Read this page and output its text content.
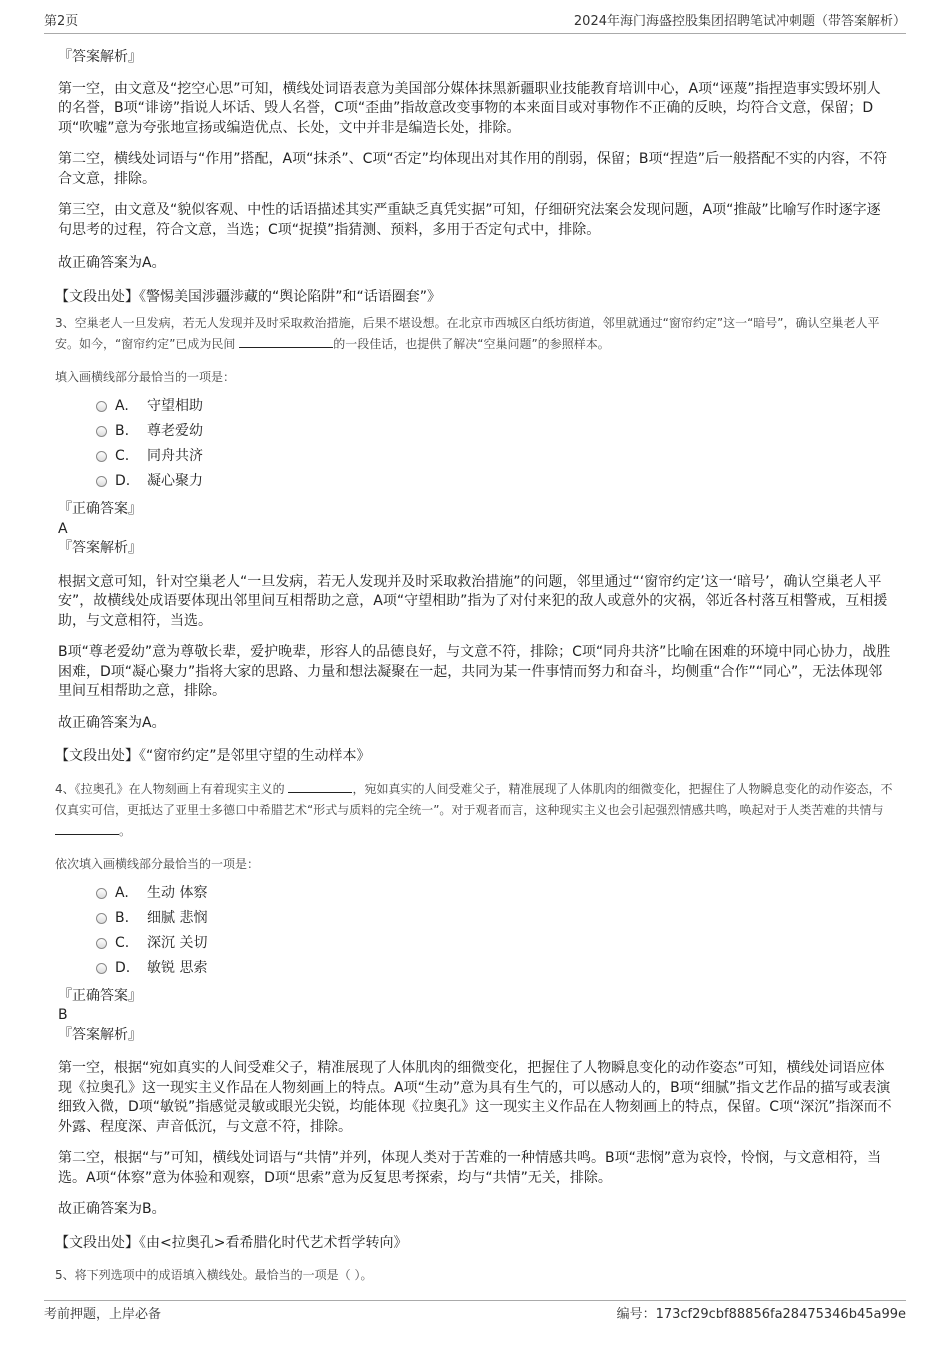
第2页	2024年海门海盛控股集团招聘笔试冲刺题（带答案解析）

『答案解析』

第一空，由文意及“挖空心思”可知，横线处词语表意为美国部分媒体抹黑新疆职业技能教育培训中心，A项“诬蔑”指捏造事实毁坏别人的名誉，B项“诽谤”指说人坏话、毁人名誉，C项“歪曲”指故意改变事物的本来面目或对事物作不正确的反映，均符合文意，保留；D项“吹嘘”意为夸张地宣扬或编造优点、长处，文中并非是编造长处，排除。

第二空，横线处词语与“作用”搭配，A项“抹杀”、C项“否定”均体现出对其作用的削弱，保留；B项“捏造”后一般搭配不实的内容，不符合文意，排除。

第三空，由文意及“貌似客观、中性的话语描述其实严重缺乏真凭实据”可知，仔细研究法案会发现问题，A项“推敲”比喻写作时逐字逐句思考的过程，符合文意，当选；C项“捉摸”指猜测、预料，多用于否定句式中，排除。

故正确答案为A。

【文段出处】《警惕美国涉疆涉藏的“舆论陷阱”和“话语圈套”》

3、空巢老人一旦发病，若无人发现并及时采取救治措施，后果不堪设想。在北京市西城区白纸坊街道，邻里就通过“窗帘约定”这一“暗号”，确认空巢老人平安。如今，“窗帘约定”已成为民间	的一段佳话，也提供了解决“空巢问题”的参照样本。

填入画横线部分最恰当的一项是：

A.	守望相助
B.	尊老爱幼
C.	同舟共济
D.	凝心聚力

『正确答案』

A

『答案解析』

根据文意可知，针对空巢老人“一旦发病，若无人发现并及时采取救治措施”的问题，邻里通过“‘窗帘约定’这一‘暗号’，确认空巢老人平安”，故横线处成语要体现出邻里间互相帮助之意，A项“守望相助”指为了对付来犯的敌人或意外的灾祸，邻近各村落互相警戒，互相援助，与文意相符，当选。

B项“尊老爱幼”意为尊敬长辈，爱护晚辈，形容人的品德良好，与文意不符，排除；C项“同舟共济”比喻在困难的环境中同心协力，战胜困难，D项“凝心聚力”指将大家的思路、力量和想法凝聚在一起，共同为某一件事情而努力和奋斗，均侧重“合作”“同心”，无法体现邻里间互相帮助之意，排除。

故正确答案为A。

【文段出处】《“窗帘约定”是邻里守望的生动样本》

4、《拉奥孔》在人物刻画上有着现实主义的	，宛如真实的人间受难父子，精准展现了人体肌肉的细微变化，把握住了人物瞬息变化的动作姿态，不仅真实可信，更抵达了亚里士多德口中希腊艺术“形式与质料的完全统一”。对于观者而言，这种现实主义也会引起强烈情感共鸣，唤起对于人类苦难的共情与 。

依次填入画横线部分最恰当的一项是：

A.	生动 体察
B.	细腻 悲悯
C.	深沉 关切
D.	敏锐 思索

『正确答案』

B

『答案解析』

第一空，根据“宛如真实的人间受难父子，精准展现了人体肌肉的细微变化，把握住了人物瞬息变化的动作姿态”可知，横线处词语应体现《拉奥孔》这一现实主义作品在人物刻画上的特点。A项“生动”意为具有生气的，可以感动人的，B项“细腻”指文艺作品的描写或表演细致入微，D项“敏锐”指感觉灵敏或眼光尖锐，均能体现《拉奥孔》这一现实主义作品在人物刻画上的特点，保留。C项“深沉”指深而不外露、程度深、声音低沉，与文意不符，排除。

第二空，根据“与”可知，横线处词语与“共情”并列，体现人类对于苦难的一种情感共鸣。B项“悲悯”意为哀怜，怜悯，与文意相符，当选。A项“体察”意为体验和观察，D项“思索”意为反复思考探索，均与“共情”无关，排除。

故正确答案为B。

【文段出处】《由<拉奥孔>看希腊化时代艺术哲学转向》

5、将下列选项中的成语填入横线处。最恰当的一项是（ ）。

考前押题，上岸必备	编号：173cf29cbf88856fa28475346b45a99e
